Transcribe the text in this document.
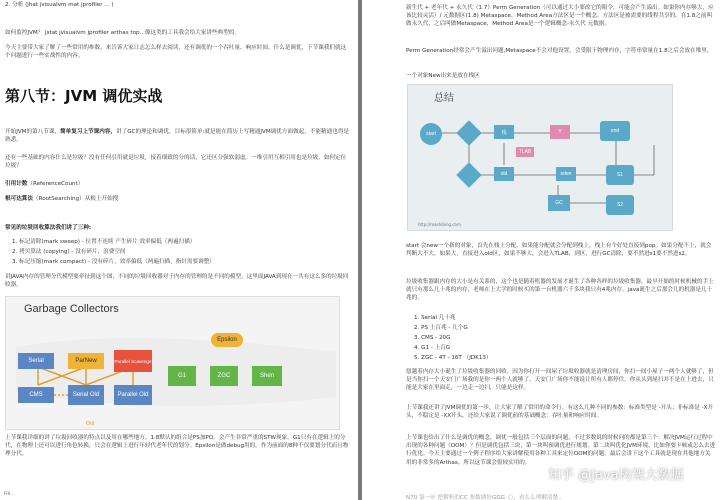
2. 分析 (jhat jvisualvm mat jprofiler ... )
如何监控JVM？ jstat jvisualvm jprofiler arthas top...像这类的工具我会给大家讲些典型的。
今天主要带大家了解了一些常用的参数，来告诉大家日志怎么样去阅读，还有调优的一个吞吐量、响应时间。什么是调优，下节课我们就这个问题进行一些实战性的内容。
第八节：JVM 调优实战
开始JVM的第八节课，简单复习上节课内容，讲了GC的理论和调优，目标很简单:就是能在简历上写精通JVM调优方面做起，不能精通也得是熟悉。
还有一些基础的内容什么是垃圾？没有任何引用就是垃圾，接着细致的分的话，它还区分强软弱虚。一堆引用互相引用也是垃圾。如何定位垃圾？
引用计数（ReferenceCount）
根可达算法（RootSearching）从根上开始搜
常见的垃圾回收算法我们讲了三种:
1. 标记清除(mark sweep) - 位置不连续 产生碎片 效率偏低（两遍扫描）
2. 拷贝算法 (copying) - 没有碎片，浪费空间
3. 标记压缩(mark compact) - 没有碎片，效率偏低（两遍扫描，指针需要调整）
讲JAVA内存的管理分代模型要牵扯到这个图，不同的垃圾回收器对于内存的管理的是不同的模型，这里面JAVA到现在一共有这么多的垃圾回收器。
Garbage Collectors
Serial	ParNew	Parallel Scavenge
CMS	Serial Old	Parallel Old
G1	ZGC	Shen
Epsilon
Old
上节课我详细的讲了垃圾回收器的特点以及用在哪些地方。1.8默认的组合是PS加PO。会产生非常严重的STW现象。G1只有在逻辑上的分代，在物理上还可以进行角色转换，只会在逻辑上进行年轻代老年代的划分。Epsilon是做debug用的。作为前面的8种不仅要划分代而且物理分代。
Fill...
新生代 + 老年代 + 永久代（1.7）Perm Generation（可以通过大小要改它的限令，可能会产生溢出。如果你内存够大，应该比较灵活）/ 元数据区(1.8) Metaspace，Method Area方法区是一个概念。方法区是被需要的线程共享的。在1.8之前叫做永久代，之后叫做Metaspace，Method Area是一个逻辑概念-永久代 元数据。
Perm Generation经常会产生溢出问题,Metaspace不会对他设置，会受限于物理内存，字符串常量在1.8之后会放在堆里。
一个对象New出来是放在栈区
总结
start	栈	Y	end
old	eden	S1
GC	S2
TLAB
http://mashibing.com
start 会new一个新的对象，首先在栈上分配，如果能分配就会分配到栈上，栈上有个好处直接到pop。如果分配不上，就会判断大不大，如果大，直接进入old区，如果不够大，会进入TLAB，到区，进行GC清除，要不然进s1要不然进s2。
垃圾收集器跟内存的大小是有关系的，这个也是随着机器的发展才诞生了各种各样的垃圾收集器，最早开始的时候机械的手上就只有那么几十兆的内存，老师在上大学的时候买的第一台机器六千多块我只有4兆内存。java诞生之后那会儿的机器是几十兆的。
1. Serial 几十兆
2. PS 上百兆 - 几个G
3. CMS - 20G
4. G1 - 上百G
5. ZGC - 4T - 16T （JDK13）
愿越着内存大小诞生了垃圾收集器的回收。因为你打开一间屋子垃圾收器就是清理房间，你扫一间小屋子一两个人就够了，但是当你扫一个天安门广场我的是你一两个人就够了，天安门广场你不能说让所有人都停住，你从头到尾扫并不是在上进去，只能是大家在里面走，一边走一边扫，只能是这样。
上节课我还讲了JVM调优的第一步，让大家了解了常用的命令行。有这么几种不同的参数：标准类型是 -开头；非标准是 -X开头，不稳定是 -XX开头。还给大家说了调优前的基础概念：吞吐量和响应时间。
上节课也给出了什么是调优的概念，调优一般包括三个层面的问题，不过多数说的时候问的都是第三个：解决JVM运行过程中出现的各种问题（OOM）？但是调优包括三块，第一块叫预调优进行规划。第二块叫优化JVM环境，比如你要卡顿或怎么去进行优化。今天主要通过一个例子程序给大家讲解使用各种工具来定位OOM的问题，最后会讲下这个工具就是现在其他地方关用的非常多的Arthas，所以这节课会很较实用的。
N70 第一步 把解析的CC 参数调好GGG（），看么么理解清楚..
知乎 @Java构架大数据
